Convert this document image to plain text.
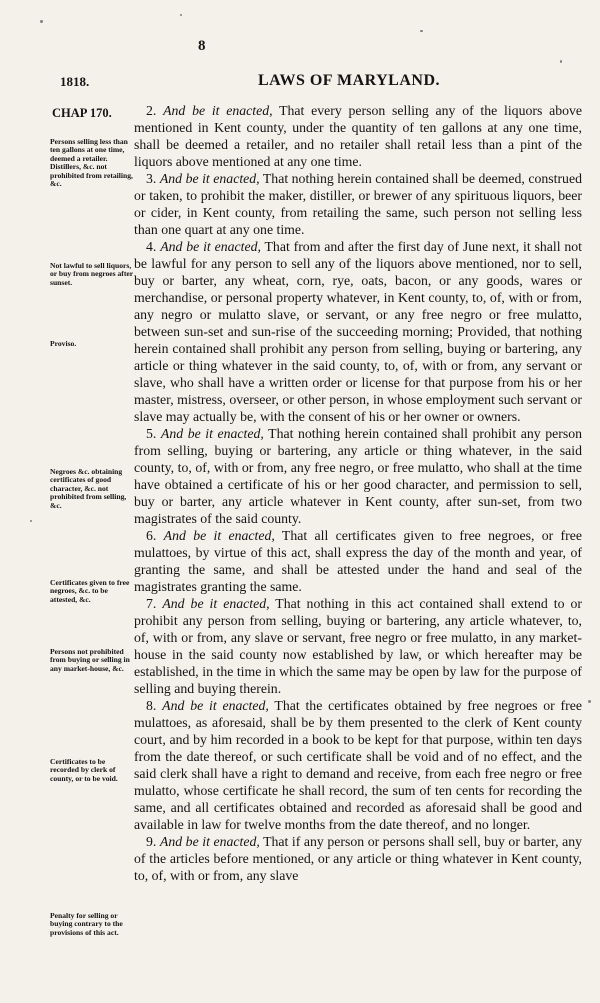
8
1818.	LAWS OF MARYLAND.
CHAP 170.
Persons selling less than ten gallons at one time, deemed a retailer. Distillers, &c. not prohibited from retailing, &c.
Not lawful to sell liquors, or buy from negroes after sunset.
Proviso.
Negroes &c. obtaining certificates of good character, &c. not prohibited from selling, &c.
Certificates given to free negroes, &c. to be attested, &c.
Persons not prohibited from buying or selling in any market-house, &c.
Certificates to be recorded by clerk of county, or to be void.
Penalty for selling or buying contrary to the provisions of this act.

2. And be it enacted, That every person selling any of the liquors above mentioned in Kent county, under the quantity of ten gallons at any one time, shall be deemed a retailer, and no retailer shall retail less than a pint of the liquors above mentioned at any one time.

3. And be it enacted, That nothing herein contained shall be deemed, construed or taken, to prohibit the maker, distiller, or brewer of any spirituous liquors, beer or cider, in Kent county, from retailing the same, such person not selling less than one quart at any one time.

4. And be it enacted, That from and after the first day of June next, it shall not be lawful for any person to sell any of the liquors above mentioned, nor to sell, buy or barter, any wheat, corn, rye, oats, bacon, or any goods, wares or merchandise, or personal property whatever, in Kent county, to, of, with or from, any negro or mulatto slave, or servant, or any free negro or free mulatto, between sun-set and sun-rise of the succeeding morning; Provided, that nothing herein contained shall prohibit any person from selling, buying or bartering, any article or thing whatever in the said county, to, of, with or from, any servant or slave, who shall have a written order or license for that purpose from his or her master, mistress, overseer, or other person, in whose employment such servant or slave may actually be, with the consent of his or her owner or owners.

5. And be it enacted, That nothing herein contained shall prohibit any person from selling, buying or bartering, any article or thing whatever, in the said county, to, of, with or from, any free negro, or free mulatto, who shall at the time have obtained a certificate of his or her good character, and permission to sell, buy or barter, any article whatever in Kent county, after sun-set, from two magistrates of the said county.

6. And be it enacted, That all certificates given to free negroes, or free mulattoes, by virtue of this act, shall express the day of the month and year, of granting the same, and shall be attested under the hand and seal of the magistrates granting the same.

7. And be it enacted, That nothing in this act contained shall extend to or prohibit any person from selling, buying or bartering, any article whatever, to, of, with or from, any slave or servant, free negro or free mulatto, in any market-house in the said county now established by law, or which hereafter may be established, in the time in which the same may be open by law for the purpose of selling and buying therein.

8. And be it enacted, That the certificates obtained by free negroes or free mulattoes, as aforesaid, shall be by them presented to the clerk of Kent county court, and by him recorded in a book to be kept for that purpose, within ten days from the date thereof, or such certificate shall be void and of no effect, and the said clerk shall have a right to demand and receive, from each free negro or free mulatto, whose certificate he shall record, the sum of ten cents for recording the same, and all certificates obtained and recorded as aforesaid shall be good and available in law for twelve months from the date thereof, and no longer.

9. And be it enacted, That if any person or persons shall sell, buy or barter, any of the articles before mentioned, or any article or thing whatever in Kent county, to, of, with or from, any slave
